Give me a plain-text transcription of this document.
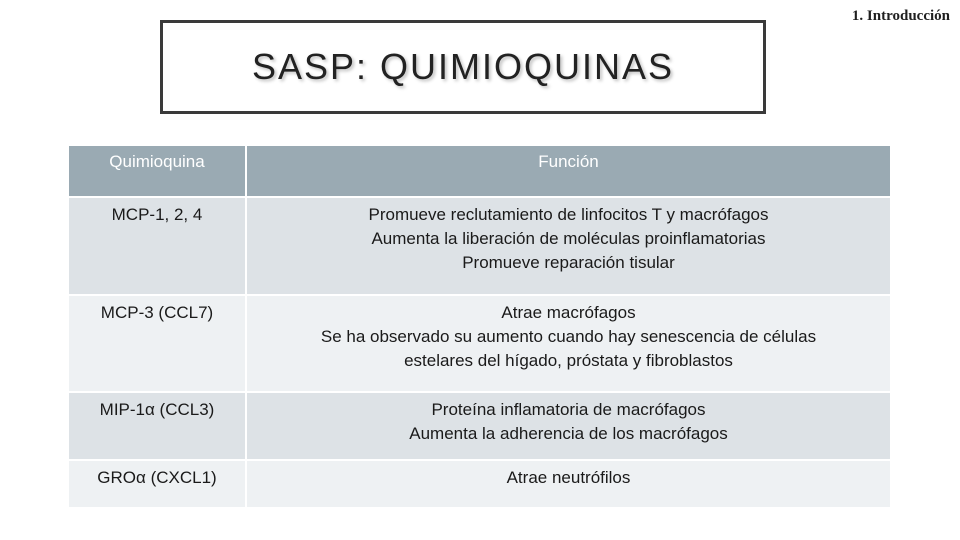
1. Introducción
SASP: QUIMIOQUINAS
Quimioquina	Función

MCP-1, 2, 4	Promueve reclutamiento de linfocitos T y macrófagos
Aumenta la liberación de moléculas proinflamatorias
Promueve reparación tisular

MCP-3 (CCL7)	Atrae macrófagos
Se ha observado su aumento cuando hay senescencia de células
estelares del hígado, próstata y fibroblastos

MIP-1α (CCL3)	Proteína inflamatoria de macrófagos
Aumenta la adherencia de los macrófagos

GROα (CXCL1)	Atrae neutrófilos
